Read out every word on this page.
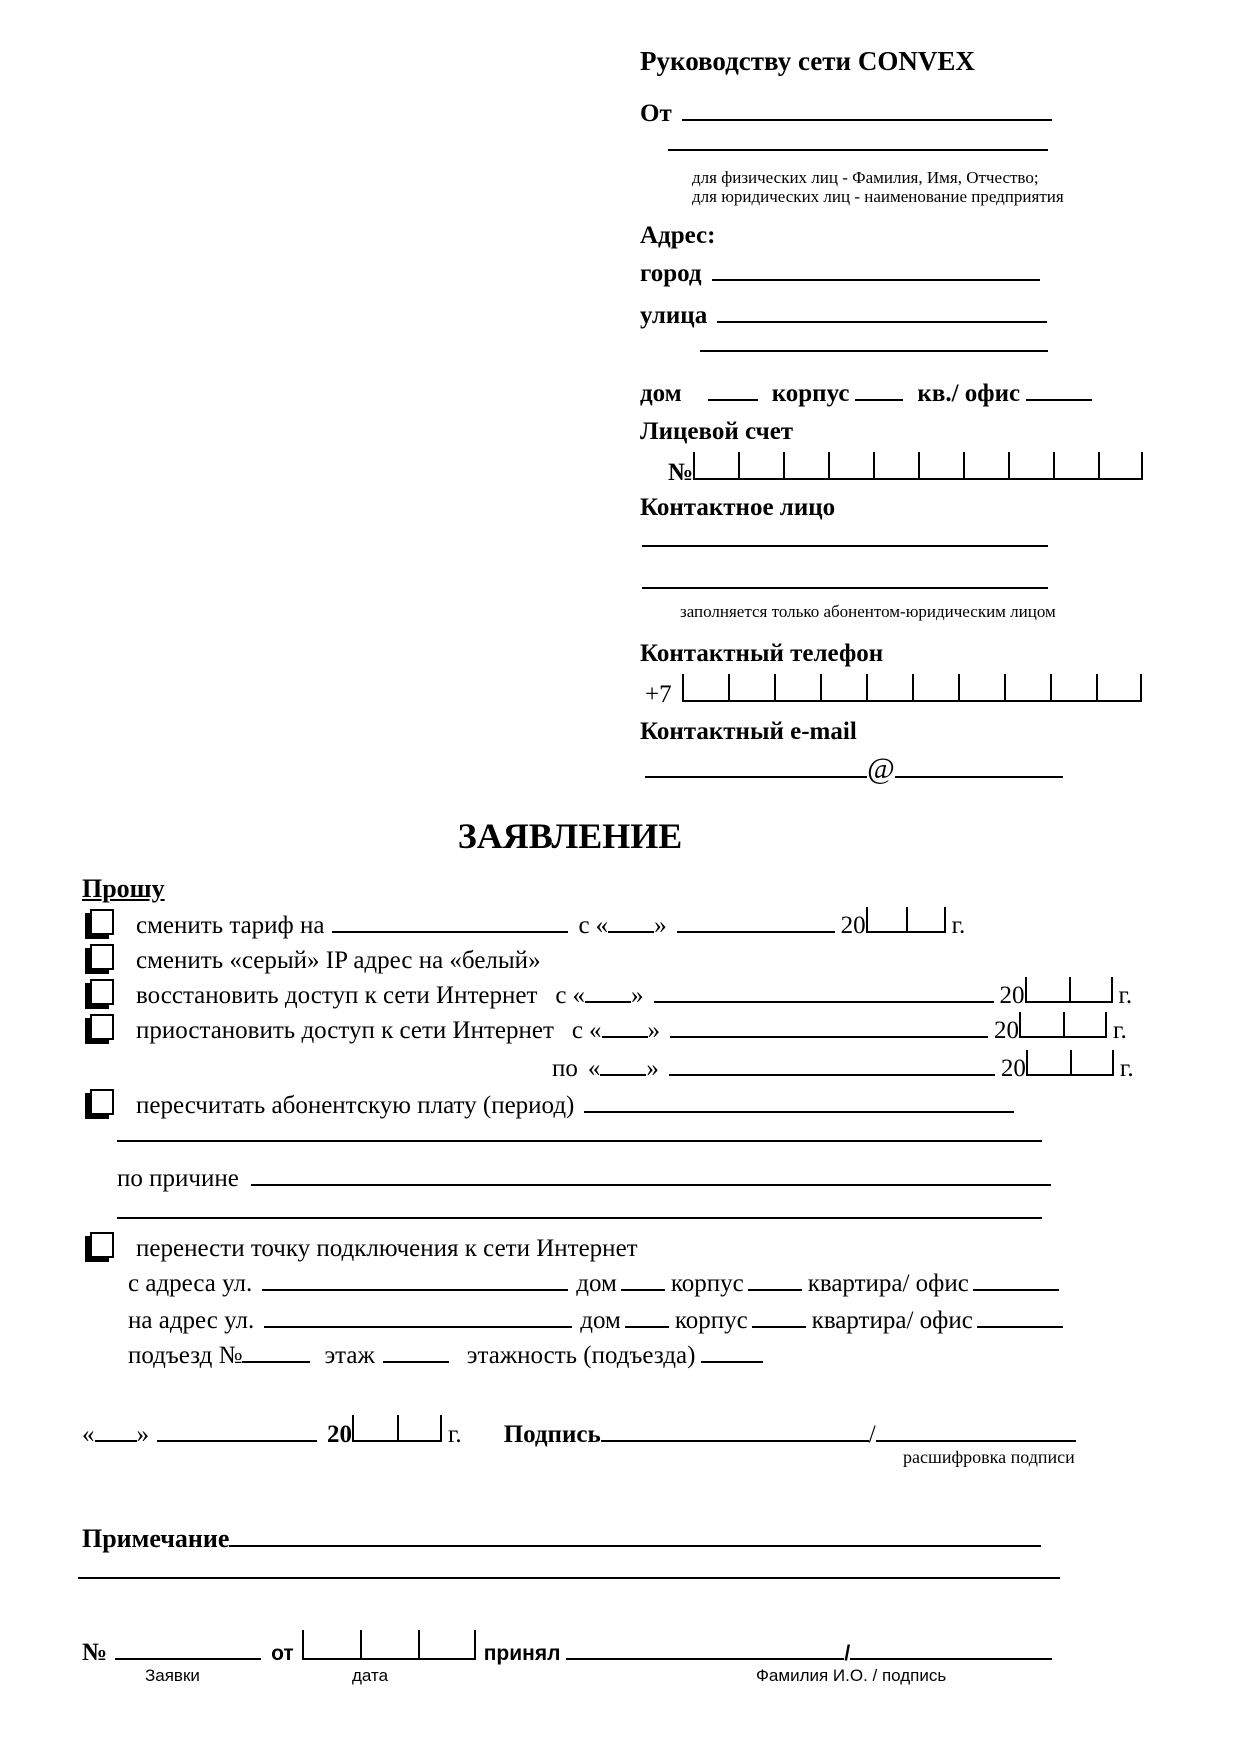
Руководству сети CONVEX
От
для физических лиц - Фамилия, Имя, Отчество;
для юридических лиц - наименование предприятия
Адрес:
город
улица
дом	корпус	кв./ офис
Лицевой счет
№
Контактное лицо
заполняется только абонентом-юридическим лицом
Контактный телефон
+7
Контактный e-mail
@
ЗАЯВЛЕНИЕ
Прошу
сменить тариф на	с « »	20	г.
сменить «серый» IP адрес на «белый»
восстановить доступ к сети Интернет с « »	20	г.
приостановить доступ к сети Интернет с « »	20	г.
по « »	20	г.
пересчитать абонентскую плату (период)
по причине
перенести точку подключения к сети Интернет
с адреса ул.	дом корпус	квартира/ офис
на адрес ул.	дом корпус	квартира/ офис
подъезд №	этаж	этажность (подъезда)
« »	20	г. Подпись	/
расшифровка подписи
Примечание
№	от	принял	/
Заявки	дата	Фамилия И.О. / подпись
